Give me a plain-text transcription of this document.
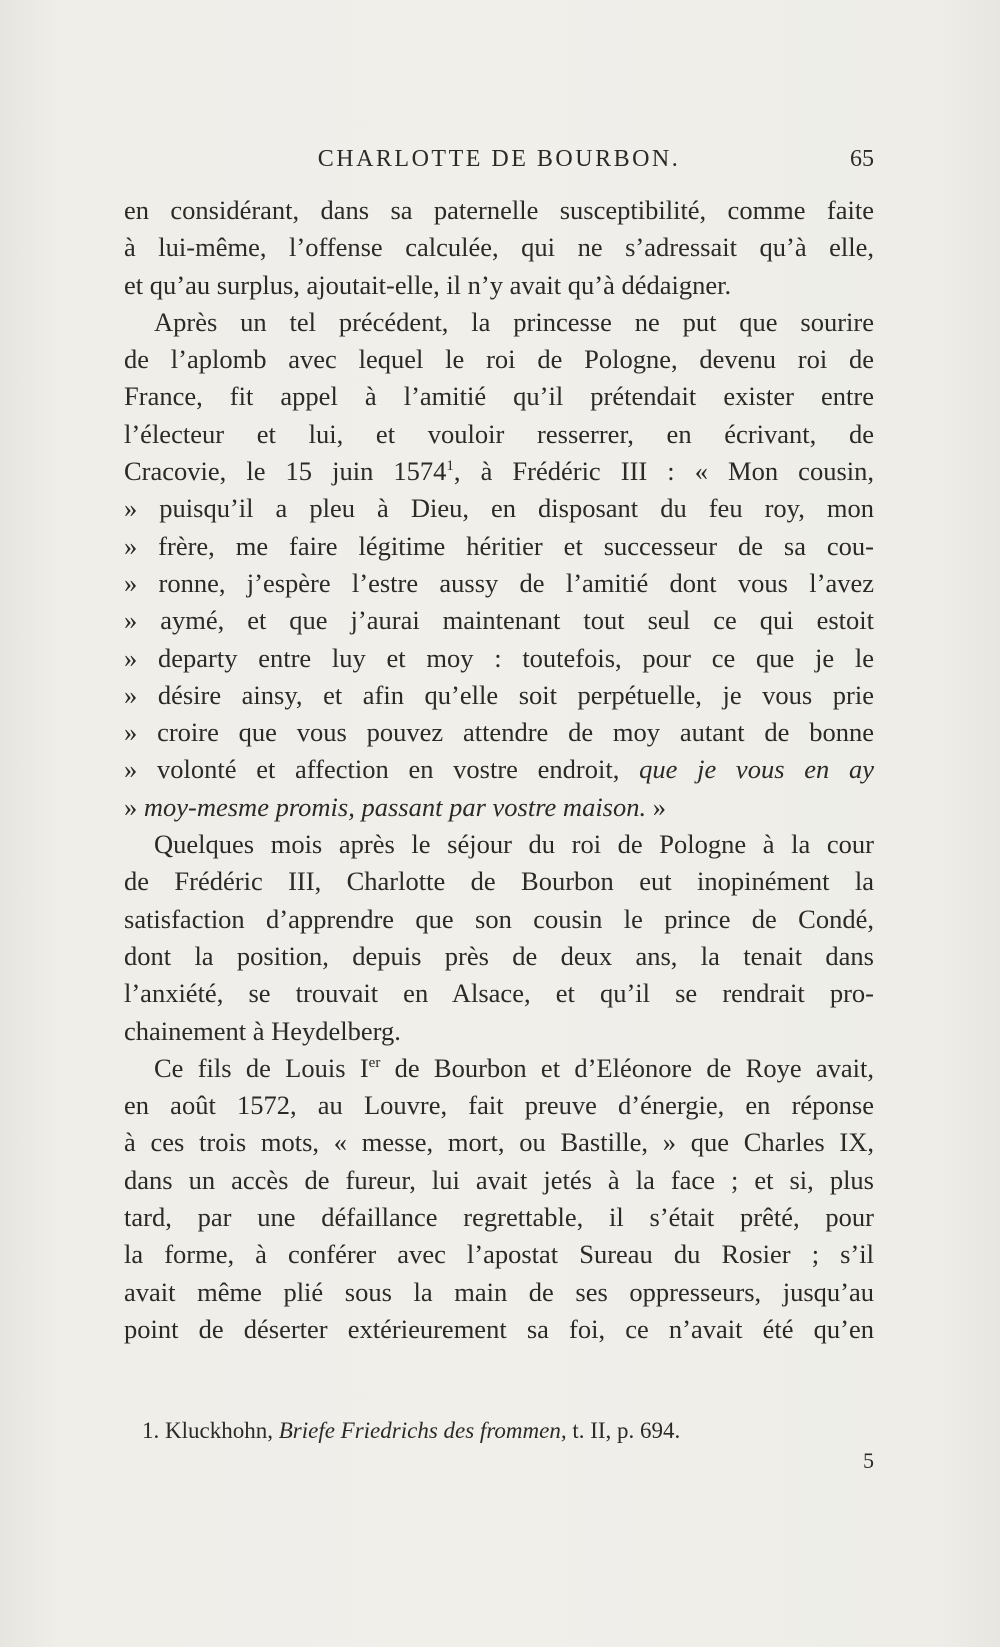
CHARLOTTE DE BOURBON.	65
en considérant, dans sa paternelle susceptibilité, comme faite
à lui-même, l’offense calculée, qui ne s’adressait qu’à elle,
et qu’au surplus, ajoutait-elle, il n’y avait qu’à dédaigner.
Après un tel précédent, la princesse ne put que sourire
de l’aplomb avec lequel le roi de Pologne, devenu roi de
France, fit appel à l’amitié qu’il prétendait exister entre
l’électeur et lui, et vouloir resserrer, en écrivant, de
Cracovie, le 15 juin 1574$^1$, à Frédéric III : « Mon cousin,
» puisqu’il a pleu à Dieu, en disposant du feu roy, mon
» frère, me faire légitime héritier et successeur de sa cou-
» ronne, j’espère l’estre aussy de l’amitié dont vous l’avez
» aymé, et que j’aurai maintenant tout seul ce qui estoit
» departy entre luy et moy : toutefois, pour ce que je le
» désire ainsy, et afin qu’elle soit perpétuelle, je vous prie
» croire que vous pouvez attendre de moy autant de bonne
» volonté et affection en vostre endroit, que je vous en ay
» moy-mesme promis, passant par vostre maison. »
Quelques mois après le séjour du roi de Pologne à la cour
de Frédéric III, Charlotte de Bourbon eut inopinément la
satisfaction d’apprendre que son cousin le prince de Condé,
dont la position, depuis près de deux ans, la tenait dans
l’anxiété, se trouvait en Alsace, et qu’il se rendrait pro-
chainement à Heydelberg.
Ce fils de Louis Ier de Bourbon et d’Eléonore de Roye avait,
en août 1572, au Louvre, fait preuve d’énergie, en réponse
à ces trois mots, « messe, mort, ou Bastille, » que Charles IX,
dans un accès de fureur, lui avait jetés à la face ; et si, plus
tard, par une défaillance regrettable, il s’était prêté, pour
la forme, à conférer avec l’apostat Sureau du Rosier ; s’il
avait même plié sous la main de ses oppresseurs, jusqu’au
point de déserter extérieurement sa foi, ce n’avait été qu’en
1. Kluckhohn, Briefe Friedrichs des frommen, t. II, p. 694.
5
